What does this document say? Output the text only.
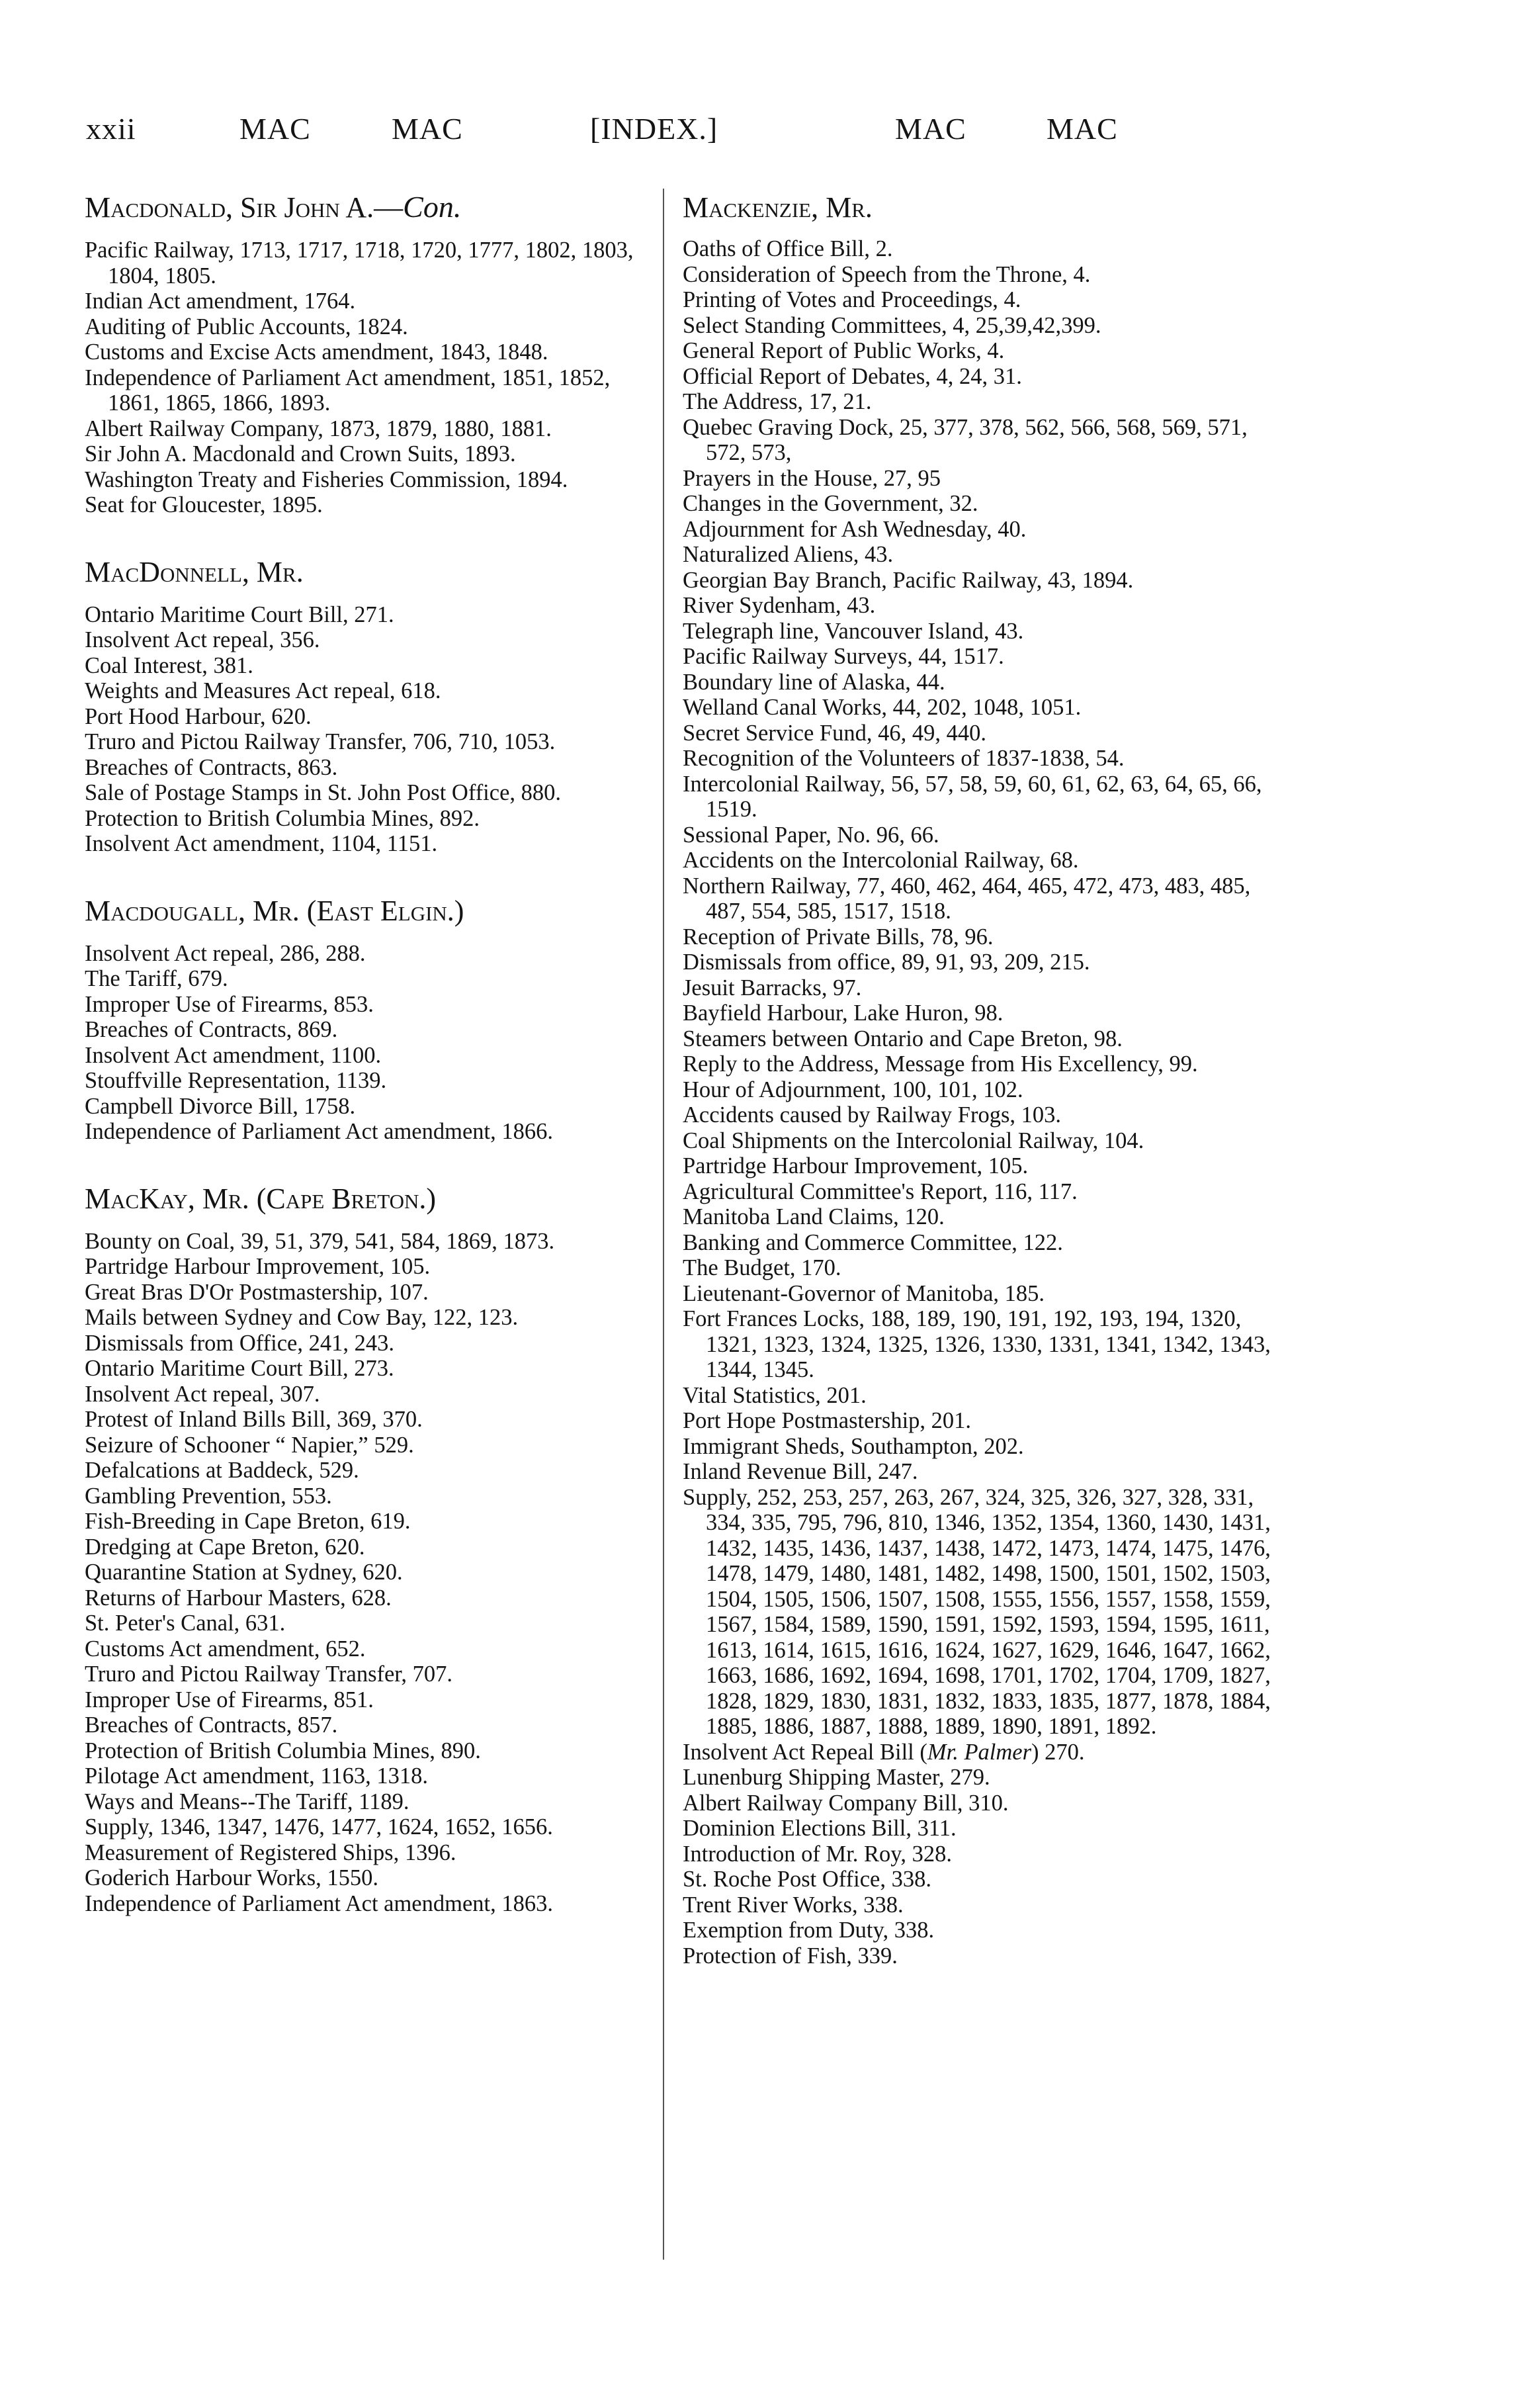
xxii	MAC	MAC	[INDEX.]	MAC	MAC
Macdonald, Sir John A.—Con.
Pacific Railway, 1713, 1717, 1718, 1720, 1777, 1802, 1803, 1804, 1805.
Indian Act amendment, 1764.
Auditing of Public Accounts, 1824.
Customs and Excise Acts amendment, 1843, 1848.
Independence of Parliament Act amendment, 1851, 1852, 1861, 1865, 1866, 1893.
Albert Railway Company, 1873, 1879, 1880, 1881.
Sir John A. Macdonald and Crown Suits, 1893.
Washington Treaty and Fisheries Commission, 1894.
Seat for Gloucester, 1895.
MacDonnell, Mr.
Ontario Maritime Court Bill, 271.
Insolvent Act repeal, 356.
Coal Interest, 381.
Weights and Measures Act repeal, 618.
Port Hood Harbour, 620.
Truro and Pictou Railway Transfer, 706, 710, 1053.
Breaches of Contracts, 863.
Sale of Postage Stamps in St. John Post Office, 880.
Protection to British Columbia Mines, 892.
Insolvent Act amendment, 1104, 1151.
Macdougall, Mr. (East Elgin.)
Insolvent Act repeal, 286, 288.
The Tariff, 679.
Improper Use of Firearms, 853.
Breaches of Contracts, 869.
Insolvent Act amendment, 1100.
Stouffville Representation, 1139.
Campbell Divorce Bill, 1758.
Independence of Parliament Act amendment, 1866.
MacKay, Mr. (Cape Breton.)
Bounty on Coal, 39, 51, 379, 541, 584, 1869, 1873.
Partridge Harbour Improvement, 105.
Great Bras D'Or Postmastership, 107.
Mails between Sydney and Cow Bay, 122, 123.
Dismissals from Office, 241, 243.
Ontario Maritime Court Bill, 273.
Insolvent Act repeal, 307.
Protest of Inland Bills Bill, 369, 370.
Seizure of Schooner “ Napier,” 529.
Defalcations at Baddeck, 529.
Gambling Prevention, 553.
Fish-Breeding in Cape Breton, 619.
Dredging at Cape Breton, 620.
Quarantine Station at Sydney, 620.
Returns of Harbour Masters, 628.
St. Peter's Canal, 631.
Customs Act amendment, 652.
Truro and Pictou Railway Transfer, 707.
Improper Use of Firearms, 851.
Breaches of Contracts, 857.
Protection of British Columbia Mines, 890.
Pilotage Act amendment, 1163, 1318.
Ways and Means--The Tariff, 1189.
Supply, 1346, 1347, 1476, 1477, 1624, 1652, 1656.
Measurement of Registered Ships, 1396.
Goderich Harbour Works, 1550.
Independence of Parliament Act amendment, 1863.
Mackenzie, Mr.
Oaths of Office Bill, 2.
Consideration of Speech from the Throne, 4.
Printing of Votes and Proceedings, 4.
Select Standing Committees, 4, 25,39,42,399.
General Report of Public Works, 4.
Official Report of Debates, 4, 24, 31.
The Address, 17, 21.
Quebec Graving Dock, 25, 377, 378, 562, 566, 568, 569, 571, 572, 573,
Prayers in the House, 27, 95
Changes in the Government, 32.
Adjournment for Ash Wednesday, 40.
Naturalized Aliens, 43.
Georgian Bay Branch, Pacific Railway, 43, 1894.
River Sydenham, 43.
Telegraph line, Vancouver Island, 43.
Pacific Railway Surveys, 44, 1517.
Boundary line of Alaska, 44.
Welland Canal Works, 44, 202, 1048, 1051.
Secret Service Fund, 46, 49, 440.
Recognition of the Volunteers of 1837-1838, 54.
Intercolonial Railway, 56, 57, 58, 59, 60, 61, 62, 63, 64, 65, 66, 1519.
Sessional Paper, No. 96, 66.
Accidents on the Intercolonial Railway, 68.
Northern Railway, 77, 460, 462, 464, 465, 472, 473, 483, 485, 487, 554, 585, 1517, 1518.
Reception of Private Bills, 78, 96.
Dismissals from office, 89, 91, 93, 209, 215.
Jesuit Barracks, 97.
Bayfield Harbour, Lake Huron, 98.
Steamers between Ontario and Cape Breton, 98.
Reply to the Address, Message from His Excellency, 99.
Hour of Adjournment, 100, 101, 102.
Accidents caused by Railway Frogs, 103.
Coal Shipments on the Intercolonial Railway, 104.
Partridge Harbour Improvement, 105.
Agricultural Committee's Report, 116, 117.
Manitoba Land Claims, 120.
Banking and Commerce Committee, 122.
The Budget, 170.
Lieutenant-Governor of Manitoba, 185.
Fort Frances Locks, 188, 189, 190, 191, 192, 193, 194, 1320, 1321, 1323, 1324, 1325, 1326, 1330, 1331, 1341, 1342, 1343, 1344, 1345.
Vital Statistics, 201.
Port Hope Postmastership, 201.
Immigrant Sheds, Southampton, 202.
Inland Revenue Bill, 247.
Supply, 252, 253, 257, 263, 267, 324, 325, 326, 327, 328, 331, 334, 335, 795, 796, 810, 1346, 1352, 1354, 1360, 1430, 1431, 1432, 1435, 1436, 1437, 1438, 1472, 1473, 1474, 1475, 1476, 1478, 1479, 1480, 1481, 1482, 1498, 1500, 1501, 1502, 1503, 1504, 1505, 1506, 1507, 1508, 1555, 1556, 1557, 1558, 1559, 1567, 1584, 1589, 1590, 1591, 1592, 1593, 1594, 1595, 1611, 1613, 1614, 1615, 1616, 1624, 1627, 1629, 1646, 1647, 1662, 1663, 1686, 1692, 1694, 1698, 1701, 1702, 1704, 1709, 1827, 1828, 1829, 1830, 1831, 1832, 1833, 1835, 1877, 1878, 1884, 1885, 1886, 1887, 1888, 1889, 1890, 1891, 1892.
Insolvent Act Repeal Bill (Mr. Palmer) 270.
Lunenburg Shipping Master, 279.
Albert Railway Company Bill, 310.
Dominion Elections Bill, 311.
Introduction of Mr. Roy, 328.
St. Roche Post Office, 338.
Trent River Works, 338.
Exemption from Duty, 338.
Protection of Fish, 339.
